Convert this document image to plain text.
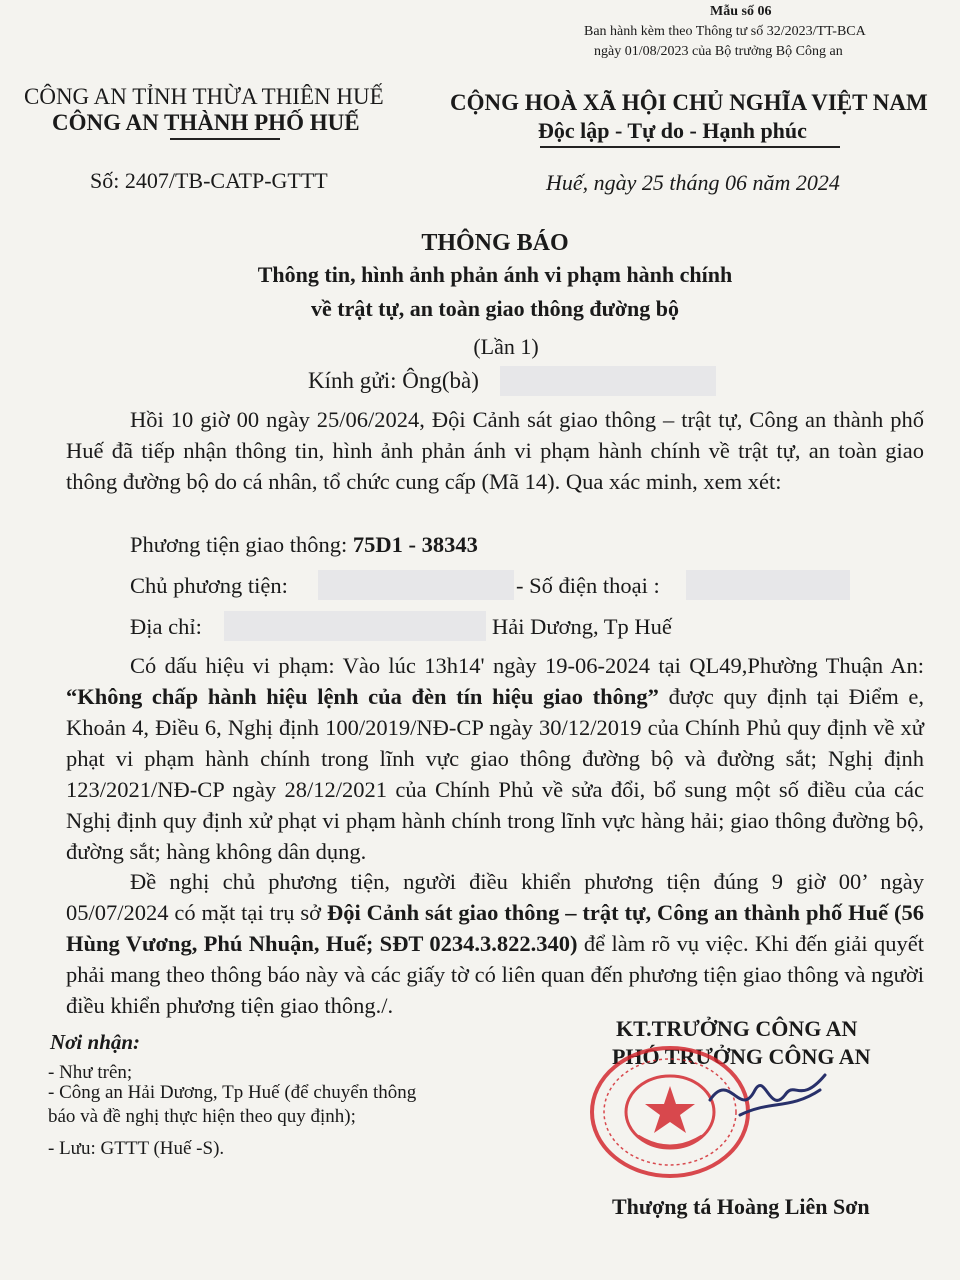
Mẫu số 06
Ban hành kèm theo Thông tư số 32/2023/TT-BCA
ngày 01/08/2023 của Bộ trưởng Bộ Công an
CÔNG AN TỈNH THỪA THIÊN HUẾ
CÔNG AN THÀNH PHỐ HUẾ
CỘNG HOÀ XÃ HỘI CHỦ NGHĨA VIỆT NAM
Độc lập - Tự do - Hạnh phúc
Số: 2407/TB-CATP-GTTT	Huế, ngày 25 tháng 06 năm 2024
THÔNG BÁO
Thông tin, hình ảnh phản ánh vi phạm hành chính
về trật tự, an toàn giao thông đường bộ
(Lần 1)
Kính gửi: Ông(bà)
Hồi 10 giờ 00 ngày 25/06/2024, Đội Cảnh sát giao thông – trật tự, Công an thành phố Huế đã tiếp nhận thông tin, hình ảnh phản ánh vi phạm hành chính về trật tự, an toàn giao thông đường bộ do cá nhân, tổ chức cung cấp (Mã 14). Qua xác minh, xem xét:
Phương tiện giao thông: 75D1 - 38343
Chủ phương tiện:	- Số điện thoại :
Địa chỉ:	Hải Dương, Tp Huế
Có dấu hiệu vi phạm: Vào lúc 13h14' ngày 19-06-2024 tại QL49,Phường Thuận An: “Không chấp hành hiệu lệnh của đèn tín hiệu giao thông” được quy định tại Điểm e, Khoản 4, Điều 6, Nghị định 100/2019/NĐ-CP ngày 30/12/2019 của Chính Phủ quy định về xử phạt vi phạm hành chính trong lĩnh vực giao thông đường bộ và đường sắt; Nghị định 123/2021/NĐ-CP ngày 28/12/2021 của Chính Phủ về sửa đổi, bổ sung một số điều của các Nghị định quy định xử phạt vi phạm hành chính trong lĩnh vực hàng hải; giao thông đường bộ, đường sắt; hàng không dân dụng.
Đề nghị chủ phương tiện, người điều khiển phương tiện đúng 9 giờ 00’ ngày 05/07/2024 có mặt tại trụ sở Đội Cảnh sát giao thông – trật tự, Công an thành phố Huế (56 Hùng Vương, Phú Nhuận, Huế; SĐT 0234.3.822.340) để làm rõ vụ việc. Khi đến giải quyết phải mang theo thông báo này và các giấy tờ có liên quan đến phương tiện giao thông và người điều khiển phương tiện giao thông./.
Nơi nhận:
- Như trên;
- Công an Hải Dương, Tp Huế (để chuyển thông
báo và đề nghị thực hiện theo quy định);
- Lưu: GTTT (Huế -S).
KT.TRƯỞNG CÔNG AN
PHÓ TRƯỞNG CÔNG AN
Thượng tá Hoàng Liên Sơn
